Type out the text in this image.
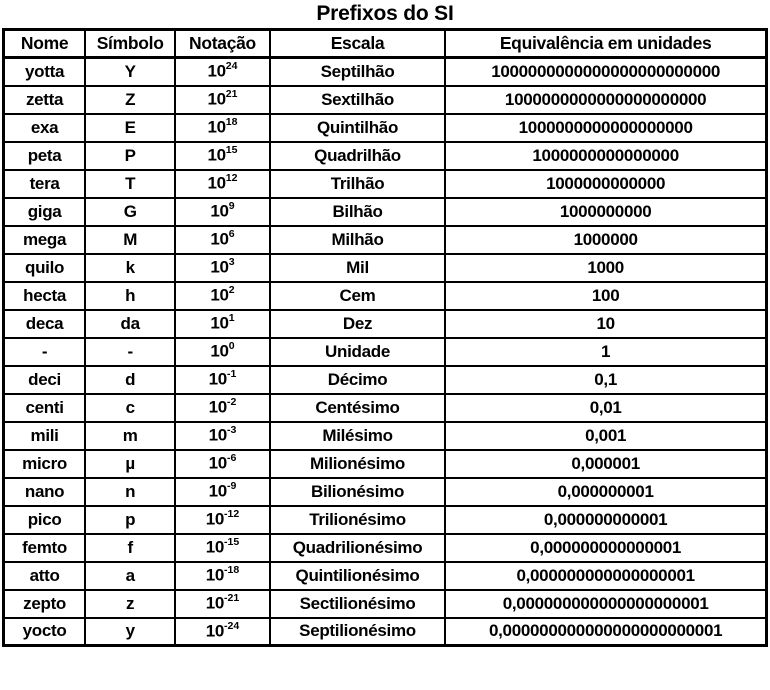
Prefixos do SI
Nome	Símbolo	Notação	Escala	Equivalência em unidades
yotta	Y	$10^{24}$	Septilhão	1000000000000000000000000
zetta	Z	$10^{21}$	Sextilhão	1000000000000000000000
exa	E	$10^{18}$	Quintilhão	1000000000000000000
peta	P	$10^{15}$	Quadrilhão	1000000000000000
tera	T	$10^{12}$	Trilhão	1000000000000
giga	G	$10^9$	Bilhão	1000000000
mega	M	$10^6$	Milhão	1000000
quilo	k	$10^3$	Mil	1000
hecta	h	$10^2$	Cem	100
deca	da	$10^1$	Dez	10
-	-	$10^0$	Unidade	1
deci	d	$10^{-1}$	Décimo	0,1
centi	c	$10^{-2}$	Centésimo	0,01
mili	m	$10^{-3}$	Milésimo	0,001
micro	µ	$10^{-6}$	Milionésimo	0,000001
nano	n	$10^{-9}$	Bilionésimo	0,000000001
pico	p	$10^{-12}$	Trilionésimo	0,000000000001
femto	f	$10^{-15}$	Quadrilionésimo	0,000000000000001
atto	a	$10^{-18}$	Quintilionésimo	0,000000000000000001
zepto	z	$10^{-21}$	Sectilionésimo	0,000000000000000000001
yocto	y	$10^{-24}$	Septilionésimo	0,000000000000000000000001
